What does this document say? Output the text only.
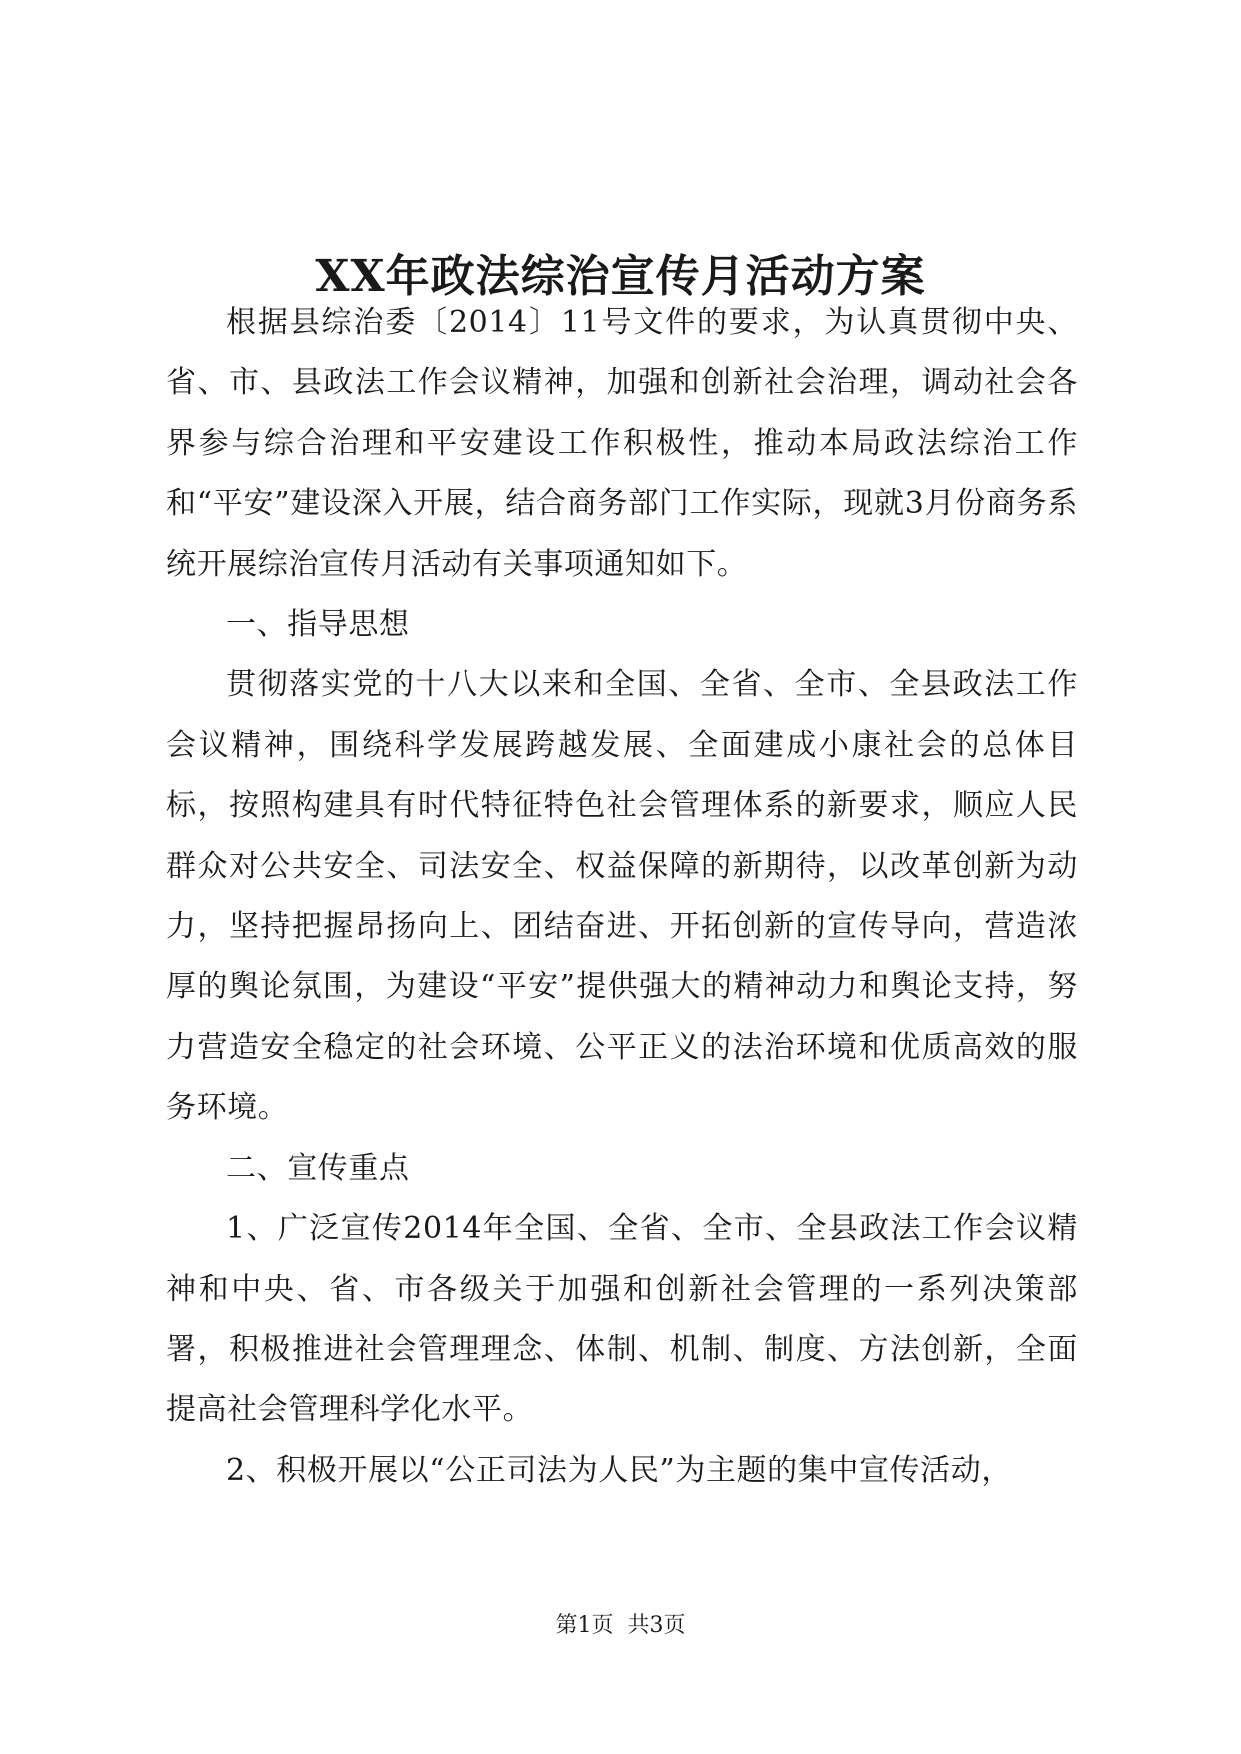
XX年政法综治宣传月活动方案

根据县综治委〔2014〕11号文件的要求，为认真贯彻中央、省、市、县政法工作会议精神，加强和创新社会治理，调动社会各界参与综合治理和平安建设工作积极性，推动本局政法综治工作和“平安”建设深入开展，结合商务部门工作实际，现就3月份商务系统开展综治宣传月活动有关事项通知如下。

一、指导思想

贯彻落实党的十八大以来和全国、全省、全市、全县政法工作会议精神，围绕科学发展跨越发展、全面建成小康社会的总体目标，按照构建具有时代特征特色社会管理体系的新要求，顺应人民群众对公共安全、司法安全、权益保障的新期待，以改革创新为动力，坚持把握昂扬向上、团结奋进、开拓创新的宣传导向，营造浓厚的舆论氛围，为建设“平安”提供强大的精神动力和舆论支持，努力营造安全稳定的社会环境、公平正义的法治环境和优质高效的服务环境。

二、宣传重点

1、广泛宣传2014年全国、全省、全市、全县政法工作会议精神和中央、省、市各级关于加强和创新社会管理的一系列决策部署，积极推进社会管理理念、体制、机制、制度、方法创新，全面提高社会管理科学化水平。

2、积极开展以“公正司法为人民”为主题的集中宣传活动，

第1页  共3页
